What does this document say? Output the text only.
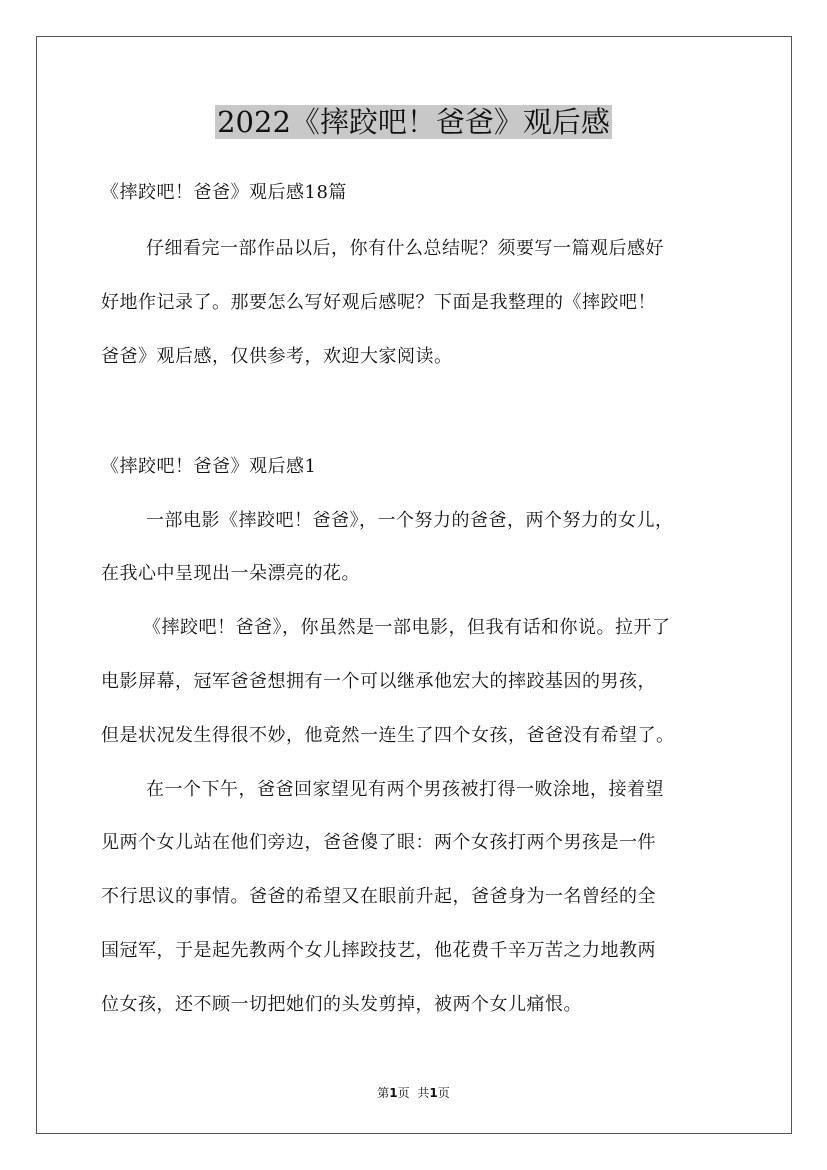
2022《摔跤吧！爸爸》观后感
《摔跤吧！爸爸》观后感18篇
仔细看完一部作品以后，你有什么总结呢？须要写一篇观后感好
好地作记录了。那要怎么写好观后感呢？下面是我整理的《摔跤吧！
爸爸》观后感，仅供参考，欢迎大家阅读。
《摔跤吧！爸爸》观后感1
一部电影《摔跤吧！爸爸》，一个努力的爸爸，两个努力的女儿，
在我心中呈现出一朵漂亮的花。
《摔跤吧！爸爸》，你虽然是一部电影，但我有话和你说。拉开了
电影屏幕，冠军爸爸想拥有一个可以继承他宏大的摔跤基因的男孩，
但是状况发生得很不妙，他竟然一连生了四个女孩，爸爸没有希望了。
在一个下午，爸爸回家望见有两个男孩被打得一败涂地，接着望
见两个女儿站在他们旁边，爸爸傻了眼：两个女孩打两个男孩是一件
不行思议的事情。爸爸的希望又在眼前升起，爸爸身为一名曾经的全
国冠军，于是起先教两个女儿摔跤技艺，他花费千辛万苦之力地教两
位女孩，还不顾一切把她们的头发剪掉，被两个女儿痛恨。
第1页 共1页
